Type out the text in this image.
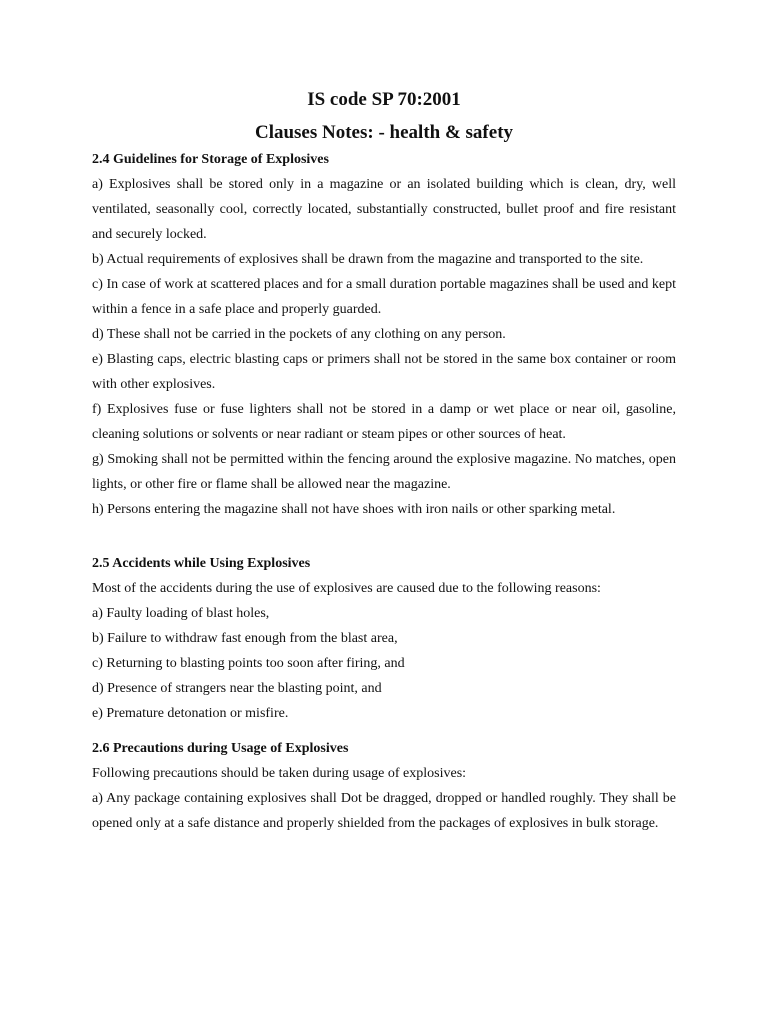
IS code SP 70:2001
Clauses Notes: - health & safety
2.4 Guidelines for Storage of Explosives

a) Explosives shall be stored only in a magazine or an isolated building which is clean, dry, well ventilated, seasonally cool, correctly located, substantially constructed, bullet proof and fire resistant and securely locked.

b) Actual requirements of explosives shall be drawn from the magazine and transported to the site.

c) In case of work at scattered places and for a small duration portable magazines shall be used and kept within a fence in a safe place and properly guarded.

d) These shall not be carried in the pockets of any clothing on any person.

e) Blasting caps, electric blasting caps or primers shall not be stored in the same box container or room with other explosives.

f) Explosives fuse or fuse lighters shall not be stored in a damp or wet place or near oil, gasoline, cleaning solutions or solvents or near radiant or steam pipes or other sources of heat.

g) Smoking shall not be permitted within the fencing around the explosive magazine. No matches, open lights, or other fire or flame shall be allowed near the magazine.

h) Persons entering the magazine shall not have shoes with iron nails or other sparking metal.

2.5 Accidents while Using Explosives

Most of the accidents during the use of explosives are caused due to the following reasons:

a) Faulty loading of blast holes,

b) Failure to withdraw fast enough from the blast area,

c) Returning to blasting points too soon after firing, and

d) Presence of strangers near the blasting point, and

e) Premature detonation or misfire.

2.6 Precautions during Usage of Explosives

Following precautions should be taken during usage of explosives:

a) Any package containing explosives shall Dot be dragged, dropped or handled roughly. They shall be opened only at a safe distance and properly shielded from the packages of explosives in bulk storage.
